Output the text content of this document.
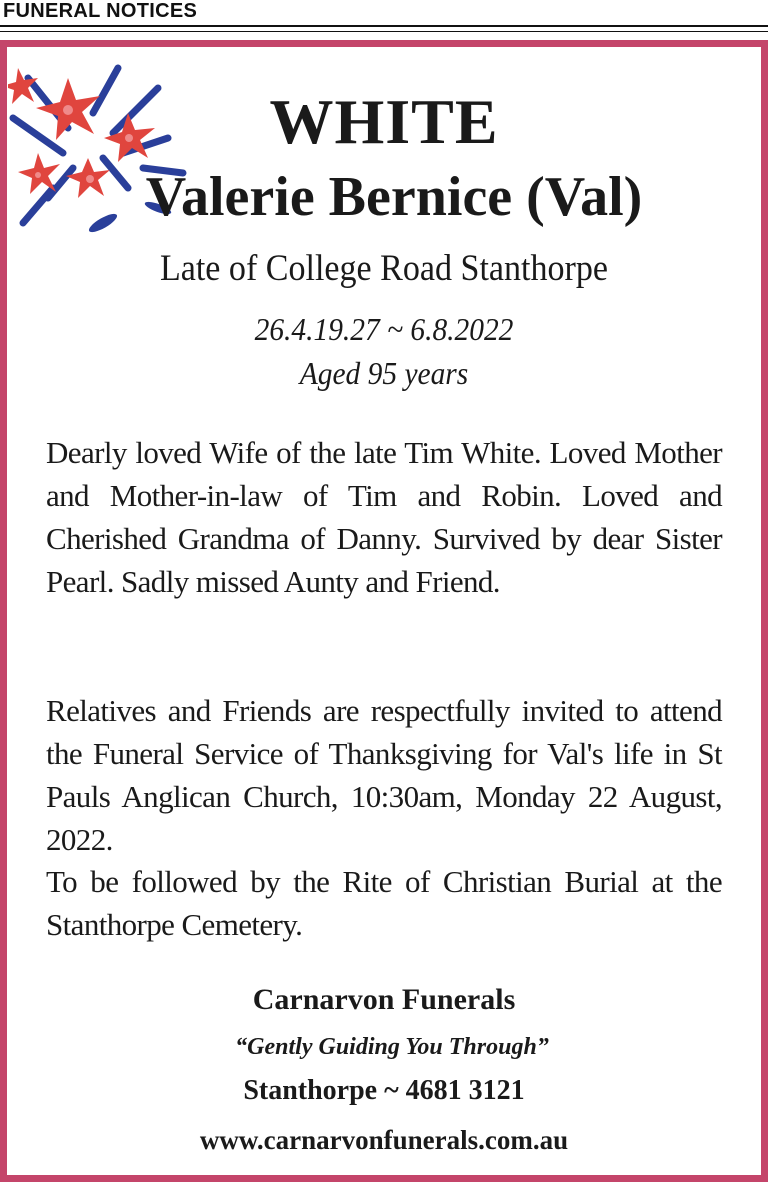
FUNERAL NOTICES
WHITE
Valerie Bernice (Val)
Late of College Road Stanthorpe
26.4.19.27 ~ 6.8.2022
Aged 95 years
Dearly loved Wife of the late Tim White. Loved Mother and Mother-in-law of Tim and Robin. Loved and Cherished Grandma of Danny. Survived by dear Sister Pearl. Sadly missed Aunty and Friend.
Relatives and Friends are respectfully invited to attend the Funeral Service of Thanksgiving for Val's life in St Pauls Anglican Church, 10:30am, Monday 22 August, 2022.
To be followed by the Rite of Christian Burial at the Stanthorpe Cemetery.
Carnarvon Funerals
“Gently Guiding You Through”
Stanthorpe ~ 4681 3121
www.carnarvonfunerals.com.au
